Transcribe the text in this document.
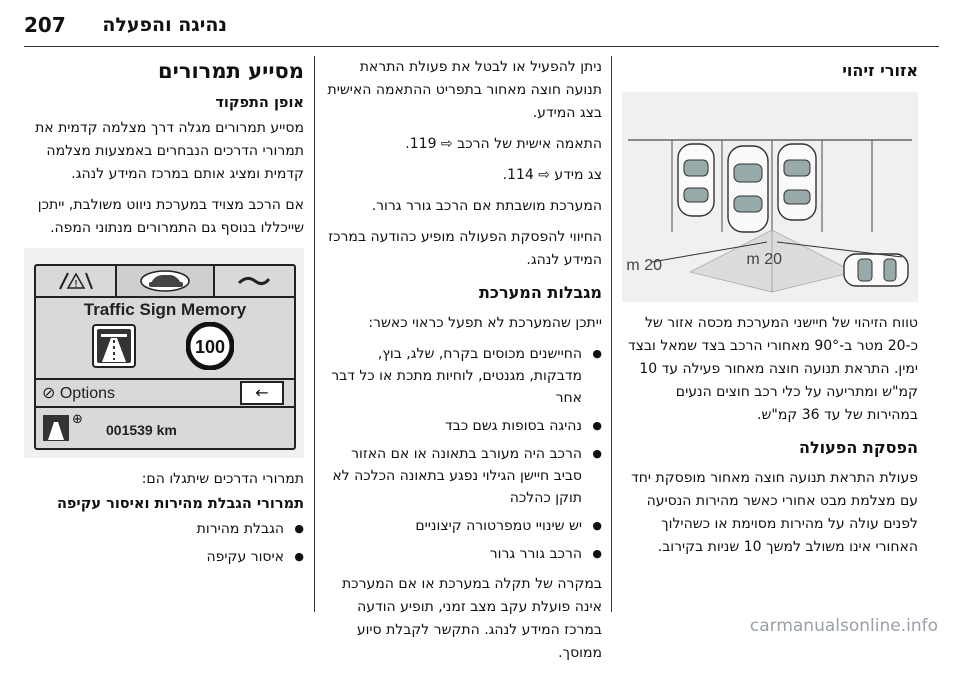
נהיגה והפעלה
207
אזורי זיהוי
20 m	20 m

טווח הזיהוי של חיישני המערכת מכסה אזור של כ-20 מטר ב-90° מאחורי הרכב בצד שמאל ובצד ימין. התראת תנועה חוצה מאחור פעילה עד 10 קמ"ש ומתריעה על כלי רכב חוצים הנעים במהירות של עד 36 קמ"ש.

הפסקת הפעולה

פעולת התראת תנועה חוצה מאחור מופסקת יחד עם מצלמת מבט אחורי כאשר מהירות הנסיעה לפנים עולה על מהירות מסוימת או כשהילוך האחורי אינו משולב למשך 10 שניות בקירוב.

ניתן להפעיל או לבטל את פעולת התראת תנועה חוצה מאחור בתפריט ההתאמה האישית בצג המידע.

התאמה אישית של הרכב ⇨ 119.

צג מידע ⇨ 114.

המערכת מושבתת אם הרכב גורר גרור.

החיווי להפסקת הפעולה מופיע כהודעה במרכז המידע לנהג.

מגבלות המערכת

ייתכן שהמערכת לא תפעל כראוי כאשר:

● החיישנים מכוסים בקרח, שלג, בוץ, מדבקות, מגנטים, לוחיות מתכת או כל דבר אחר
● נהיגה בסופות גשם כבד
● הרכב היה מעורב בתאונה או אם האזור סביב חיישן הגילוי נפגע בתאונה הכלכה לא תוקן כהלכה
● יש שינויי טמפרטורה קיצוניים
● הרכב גורר גרור

במקרה של תקלה במערכת או אם המערכת אינה פועלת עקב מצב זמני, תופיע הודעה במרכז המידע לנהג. התקשר לקבלת סיוע ממוסך.

מסייע תמרורים
אופן התפקוד

מסייע תמרורים מגלה דרך מצלמה קדמית את תמרורי הדרכים הנבחרים באמצעות מצלמה קדמית ומציג אותם במרכז המידע לנהג.

אם הרכב מצויד במערכת ניווט משולבת, ייתכן שייכללו בנוסף גם התמרורים מנתוני המפה.

!
Traffic Sign Memory
100
⊘ Options	←
⊕
001539 km

תמרורי הדרכים שיתגלו הם:

תמרורי הגבלת מהירות ואיסור עקיפה
● הגבלת מהירות
● איסור עקיפה
carmanualsonline.info
